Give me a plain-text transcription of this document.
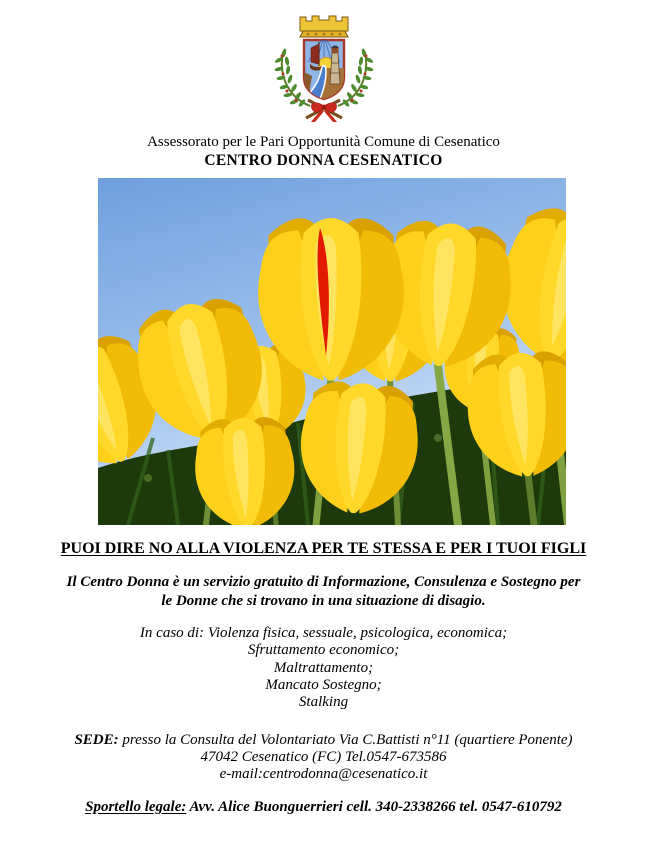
Assessorato per le Pari Opportunità Comune di Cesenatico
CENTRO DONNA CESENATICO
PUOI DIRE NO ALLA VIOLENZA PER TE STESSA E PER I TUOI FIGLI
Il Centro Donna è un servizio gratuito di Informazione, Consulenza e Sostegno per
le Donne che si trovano in una situazione di disagio.
In caso di: Violenza fisica, sessuale, psicologica, economica;
Sfruttamento economico;
Maltrattamento;
Mancato Sostegno;
Stalking
SEDE: presso la Consulta del Volontariato Via C.Battisti n°11 (quartiere Ponente)
47042 Cesenatico (FC) Tel.0547-673586
e-mail:centrodonna@cesenatico.it
Sportello legale: Avv. Alice Buonguerrieri cell. 340-2338266 tel. 0547-610792
